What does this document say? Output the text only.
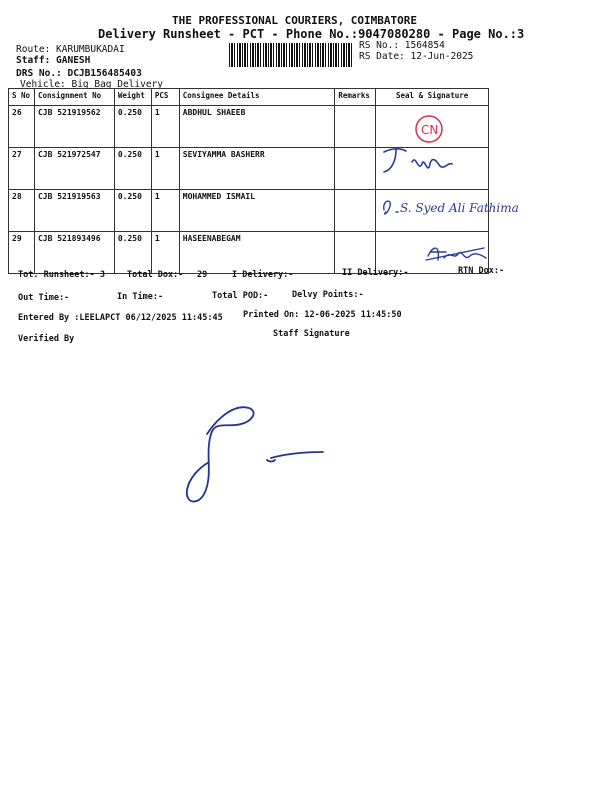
THE PROFESSIONAL COURIERS, COIMBATORE
Delivery Runsheet - PCT - Phone No.:9047080280 - Page No.:3
Route: KARUMBUKADAI
Staff: GANESH
DRS No.: DCJB156485403
Vehicle: Big Bag Delivery
RS No.: 1564854
RS Date: 12-Jun-2025
S No	Consignment No	Weight	PCS	Consignee Details	Remarks	Seal & Signature
26	CJB 521919562	0.250	1	ABDHUL SHAEEB		
27	CJB 521972547	0.250	1	SEVIYAMMA BASHERR		
28	CJB 521919563	0.250	1	MOHAMMED ISMAIL		
29	CJB 521893496	0.250	1	HASEENABEGAM		
CN
S. Syed Ali Fathima
Tot. Runsheet:- 3	Total Dox:- 29	I Delivery:-	II Delivery:-	RTN Dox:-
Out Time:-	In Time:-	Total POD:-	Delvy Points:-
Entered By :LEELAPCT 06/12/2025 11:45:45 Printed On: 12-06-2025 11:45:50
Verified By	Staff Signature
